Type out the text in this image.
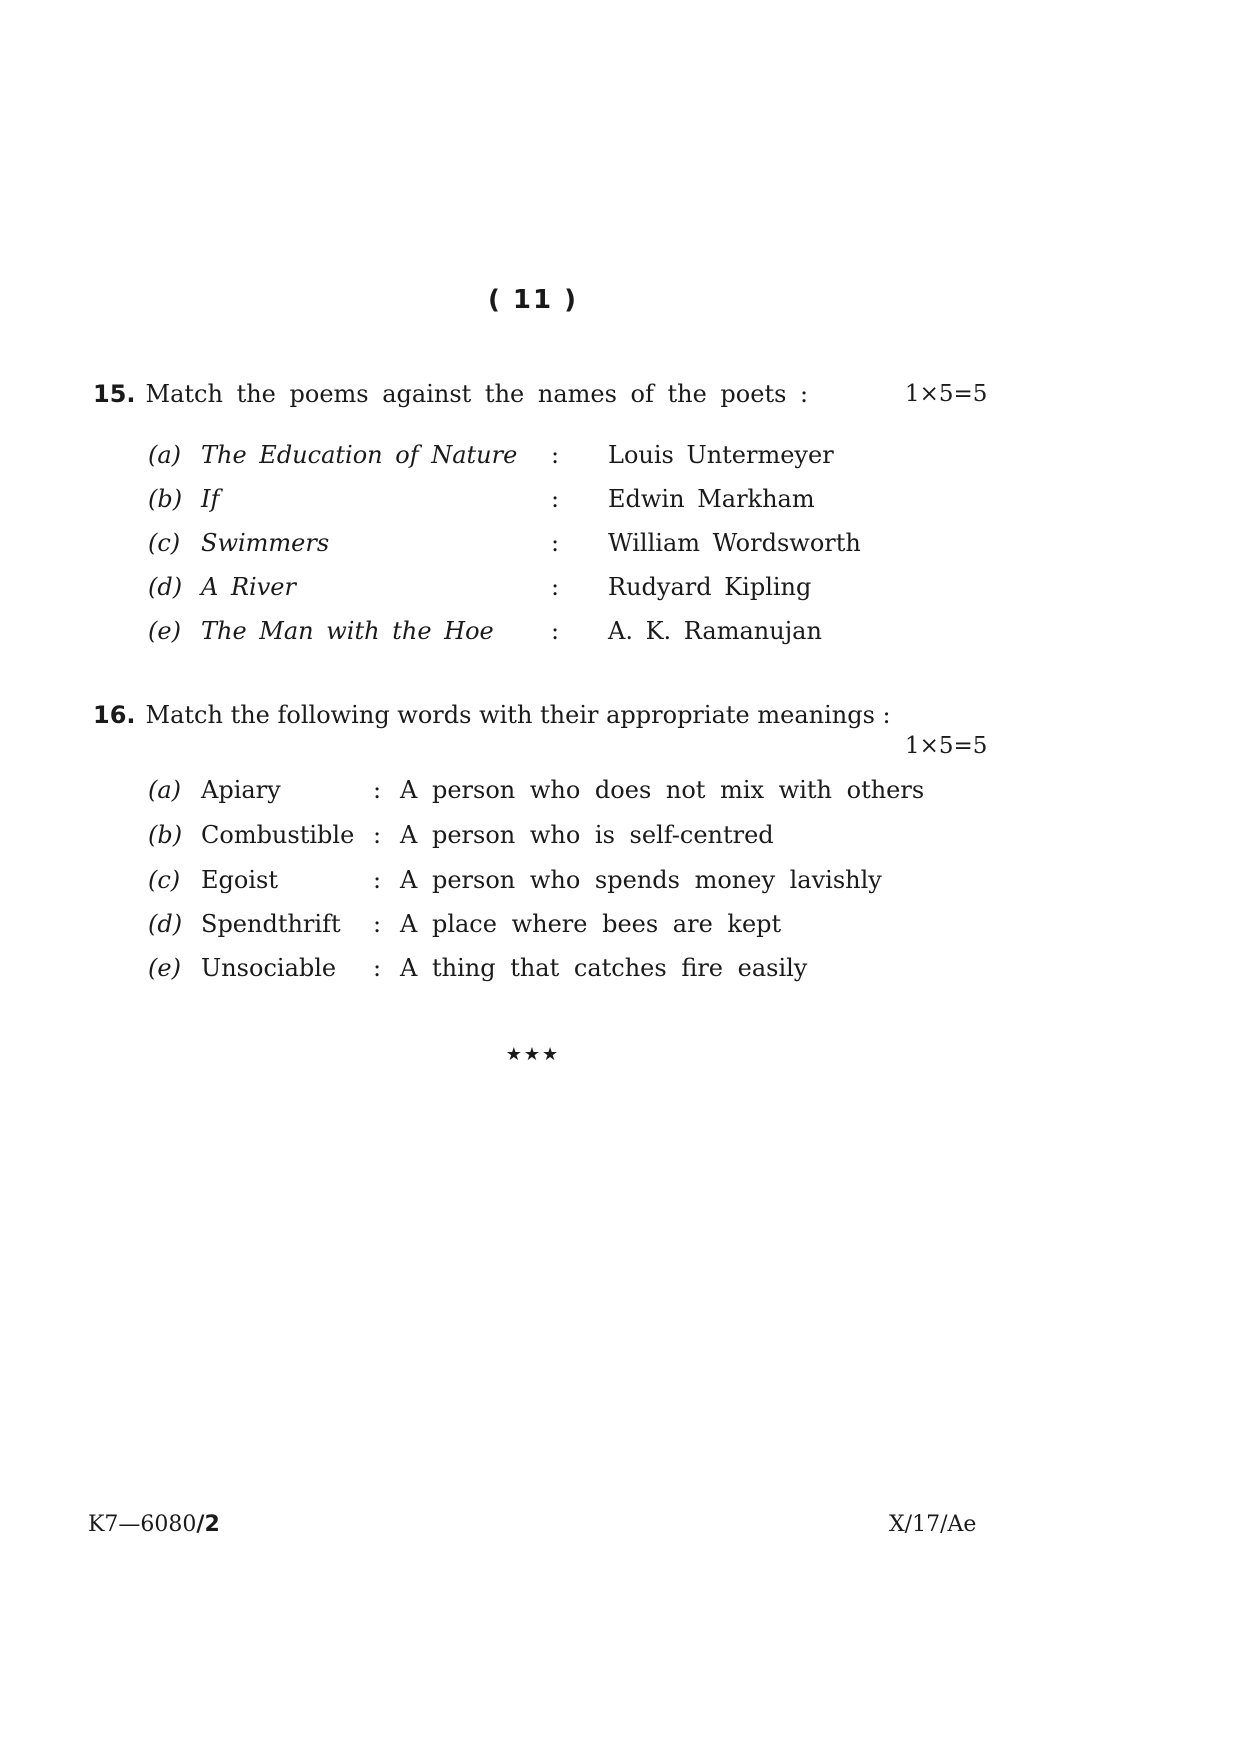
( 11 )
15. Match the poems against the names of the poets :	1×5=5
(a) The Education of Nature : Louis Untermeyer
(b) If	: Edwin Markham
(c) Swimmers	: William Wordsworth
(d) A River	: Rudyard Kipling
(e) The Man with the Hoe : A. K. Ramanujan
16. Match the following words with their appropriate meanings :
1×5=5
(a) Apiary	: A person who does not mix with others
(b) Combustible : A person who is self-centred
(c) Egoist	: A person who spends money lavishly
(d) Spendthrift : A place where bees are kept
(e) Unsociable : A thing that catches fire easily
★★★
K7—6080/2	X/17/Ae
